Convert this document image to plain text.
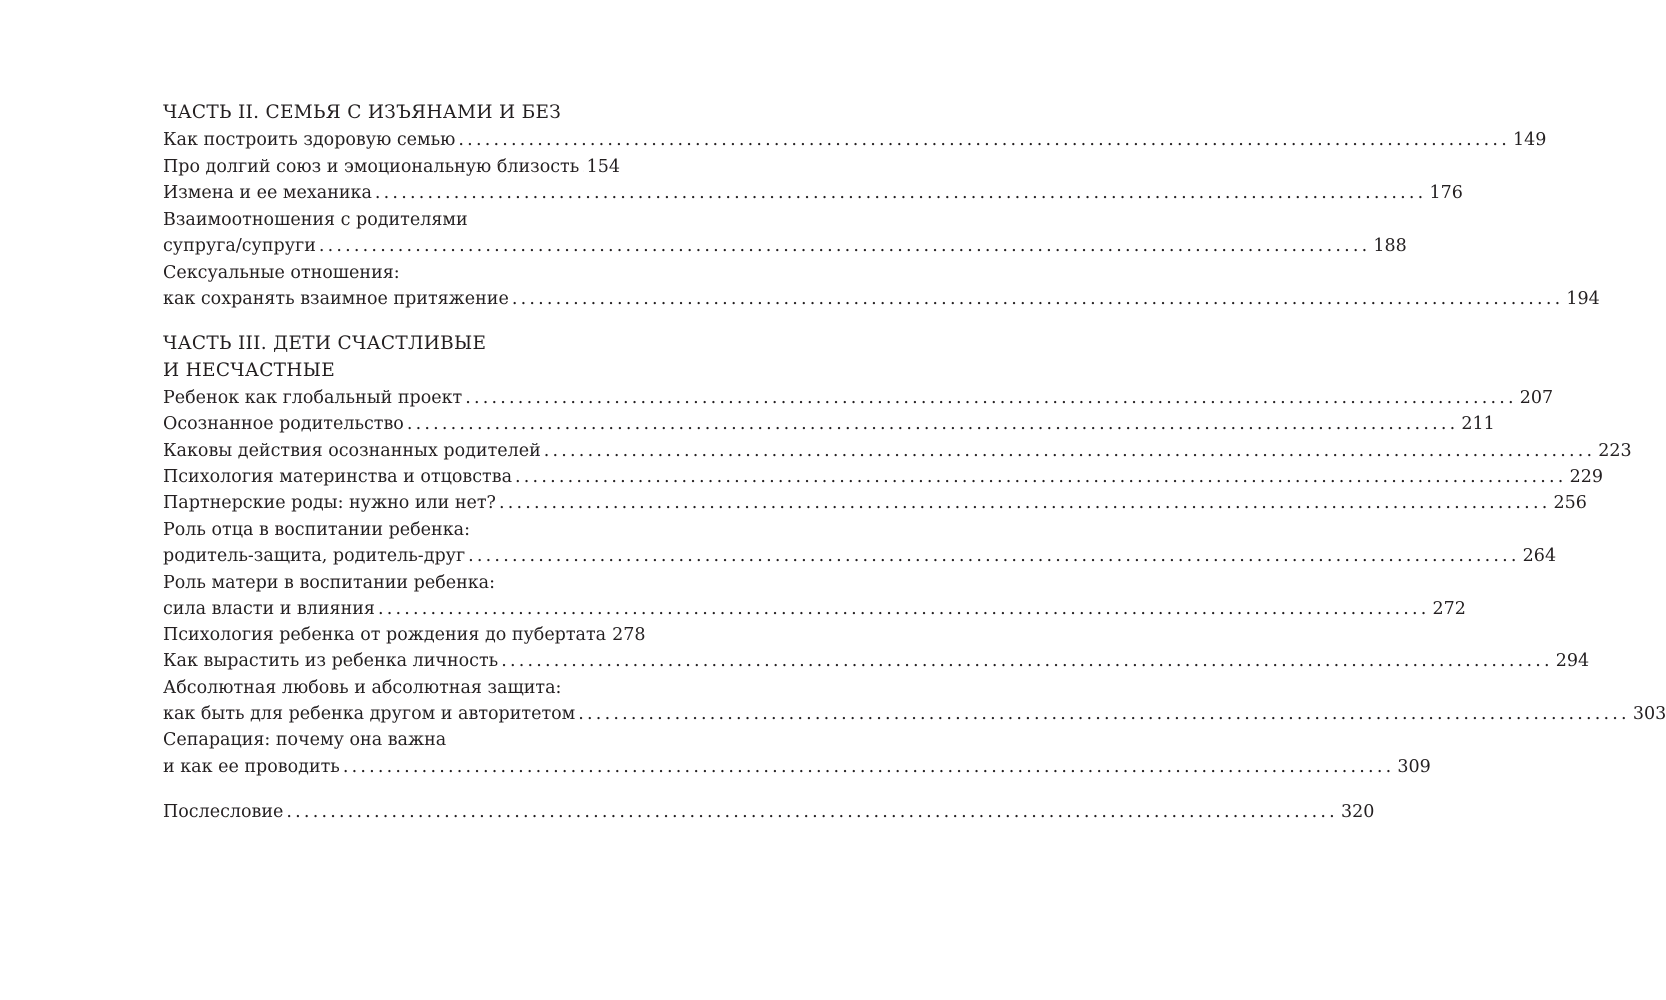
ЧАСТЬ II. СЕМЬЯ С ИЗЪЯНАМИ И БЕЗ
Как построить здоровую семью ........................................................................................................................ 149
Про долгий союз и эмоциональную близость 154
Измена и ее механика ........................................................................................................................ 176
Взаимоотношения с родителями
супруга/супруги ........................................................................................................................ 188
Сексуальные отношения:
как сохранять взаимное притяжение ........................................................................................................................ 194
ЧАСТЬ III. ДЕТИ СЧАСТЛИВЫЕ
И НЕСЧАСТНЫЕ
Ребенок как глобальный проект ........................................................................................................................ 207
Осознанное родительство ........................................................................................................................ 211
Каковы действия осознанных родителей ........................................................................................................................ 223
Психология материнства и отцовства ........................................................................................................................ 229
Партнерские роды: нужно или нет? ........................................................................................................................ 256
Роль отца в воспитании ребенка:
родитель-защита, родитель-друг ........................................................................................................................ 264
Роль матери в воспитании ребенка:
сила власти и влияния ........................................................................................................................ 272
Психология ребенка от рождения до пубертата 278
Как вырастить из ребенка личность ........................................................................................................................ 294
Абсолютная любовь и абсолютная защита:
как быть для ребенка другом и авторитетом ........................................................................................................................ 303
Сепарация: почему она важна
и как ее проводить ........................................................................................................................ 309
Послесловие ........................................................................................................................ 320
